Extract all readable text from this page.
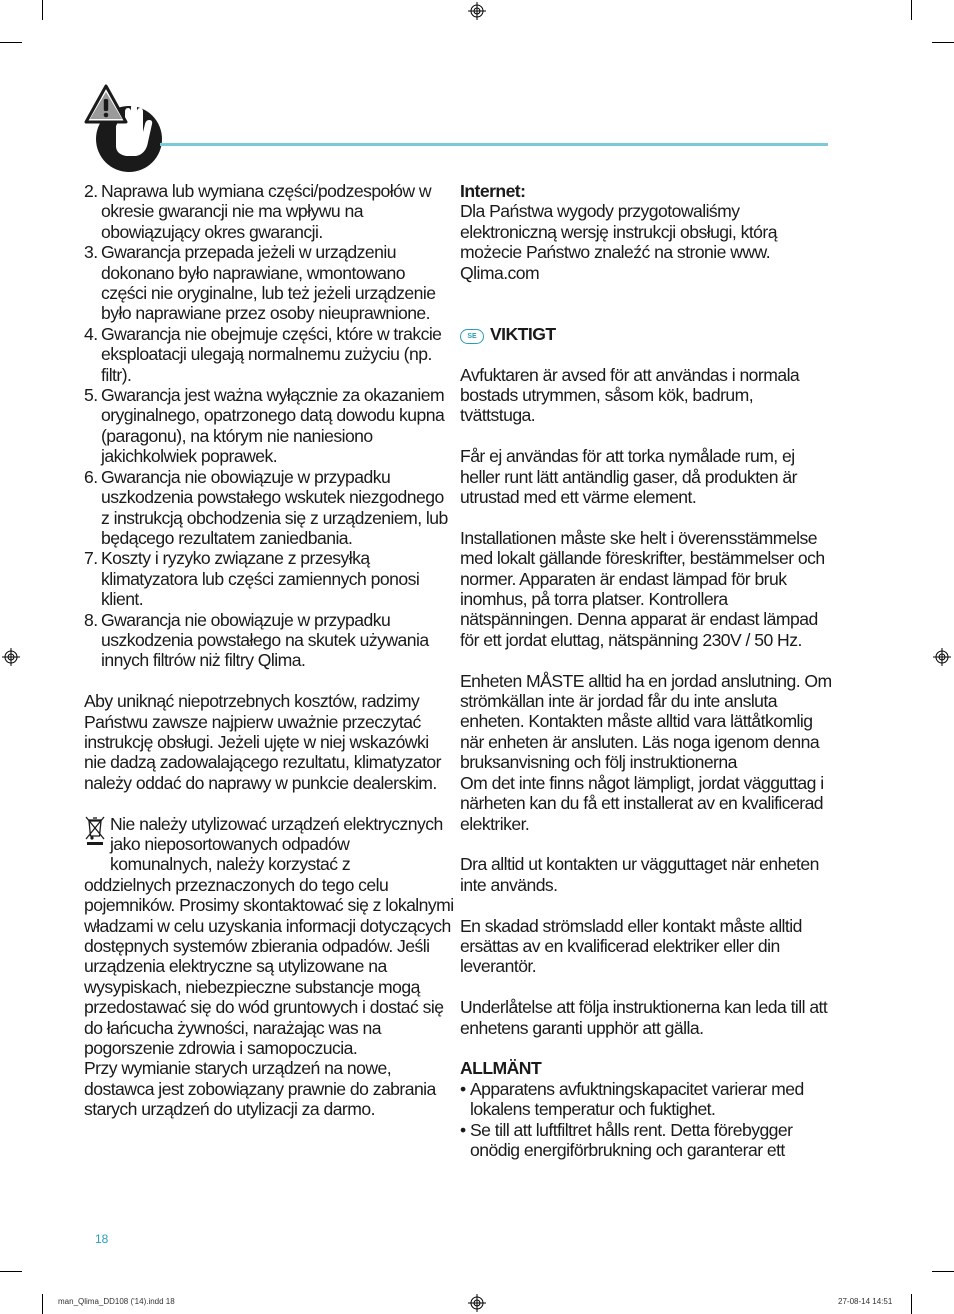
2. Naprawa lub wymiana części/podzespołów w okresie gwarancji nie ma wpływu na obowiązujący okres gwarancji.
3. Gwarancja przepada jeżeli w urządzeniu dokonano było naprawiane, wmontowano części nie oryginalne, lub też jeżeli urządzenie było naprawiane przez osoby nieuprawnione.
4. Gwarancja nie obejmuje części, które w trakcie eksploatacji ulegają normalnemu zużyciu (np. filtr).
5. Gwarancja jest ważna wyłącznie za okazaniem oryginalnego, opatrzonego datą dowodu kupna (paragonu), na którym nie naniesiono jakichkolwiek poprawek.
6. Gwarancja nie obowiązuje w przypadku uszkodzenia powstałego wskutek niezgodnego z instrukcją obchodzenia się z urządzeniem, lub będącego rezultatem zaniedbania.
7. Koszty i ryzyko związane z przesyłką klimatyzatora lub części zamiennych ponosi klient.
8. Gwarancja nie obowiązuje w przypadku uszkodzenia powstałego na skutek używania innych filtrów niż filtry Qlima.

Aby uniknąć niepotrzebnych kosztów, radzimy Państwu zawsze najpierw uważnie przeczytać instrukcję obsługi. Jeżeli ujęte w niej wskazówki nie dadzą zadowalającego rezultatu, klimatyzator należy oddać do naprawy w punkcie dealerskim.

Nie należy utylizować urządzeń elektrycznych jako nieposortowanych odpadów komunalnych, należy korzystać z

oddzielnych przeznaczonych do tego celu pojemników. Prosimy skontaktować się z lokalnymi władzami w celu uzyskania informacji dotyczących dostępnych systemów zbierania odpadów. Jeśli urządzenia elektryczne są utylizowane na wysypiskach, niebezpieczne substancje mogą przedostawać się do wód gruntowych i dostać się do łańcucha żywności, narażając was na pogorszenie zdrowia i samopoczucia.

Przy wymianie starych urządzeń na nowe, dostawca jest zobowiązany prawnie do zabrania starych urządzeń do utylizacji za darmo.

Internet:

Dla Państwa wygody przygotowaliśmy elektroniczną wersję instrukcji obsługi, którą możecie Państwo znaleźć na stronie www. Qlima.com

SE VIKTIGT

Avfuktaren är avsed för att användas i normala bostads utrymmen, såsom kök, badrum, tvättstuga.

Får ej användas för att torka nymålade rum, ej heller runt lätt antändlig gaser, då produkten är utrustad med ett värme element.

Installationen måste ske helt i överensstämmelse med lokalt gällande föreskrifter, bestämmelser och normer. Apparaten är endast lämpad för bruk inomhus, på torra platser. Kontrollera nätspänningen. Denna apparat är endast lämpad för ett jordat eluttag, nätspänning 230V / 50 Hz.

Enheten MÅSTE alltid ha en jordad anslutning. Om strömkällan inte är jordad får du inte ansluta enheten. Kontakten måste alltid vara lättåtkomlig när enheten är ansluten. Läs noga igenom denna bruksanvisning och följ instruktionerna

Om det inte finns något lämpligt, jordat vägguttag i närheten kan du få ett installerat av en kvalificerad elektriker.

Dra alltid ut kontakten ur vägguttaget när enheten inte används.

En skadad strömsladd eller kontakt måste alltid ersättas av en kvalificerad elektriker eller din leverantör.

Underlåtelse att följa instruktionerna kan leda till att enhetens garanti upphör att gälla.

ALLMÄNT

• Apparatens avfuktningskapacitet varierar med lokalens temperatur och fuktighet.
• Se till att luftfiltret hålls rent. Detta förebygger onödig energiförbrukning och garanterar ett
18
man_Qlima_DD108 ('14).indd 18	27-08-14 14:51
